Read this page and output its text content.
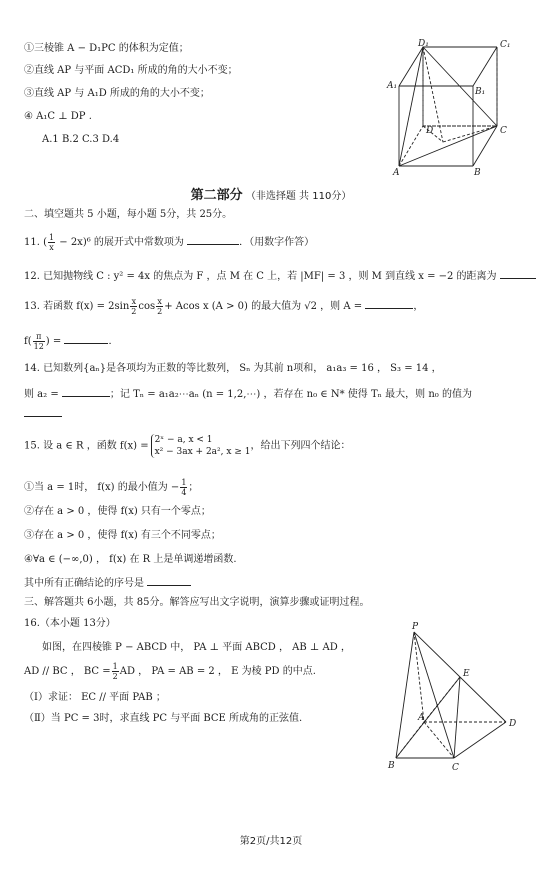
①三棱锥 A − D₁PC 的体积为定值；
②直线 AP 与平面 ACD₁ 所成的角的大小不变；
③直线 AP 与 A₁D 所成的角的大小不变；
④ A₁C ⊥ DP .
A.1 B.2 C.3 D.4
D₁	C₁
A₁
B₁
D	C
A	B
第二部分 （非选择题 共 110分）
二、填空题共 5 小题，每小题 5分，共 25分。
11. ( $\frac{1}{x} - 2x)^6$ 的展开式中常数项为	．（用数字作答）
12. 已知抛物线 C : y² = 4x 的焦点为 F ，点 M 在 C 上，若 |MF| = 3 ，则 M 到直线 x = −2 的距离为
13. 若函数 $f(x) = 2\sin \frac{x}{2}$ $\cos \frac{x}{2} + Acos$ x (A > 0) 的最大值为 √2 ，则 A =	，
$f( \frac{\pi}{12}$ ) =	．
14. 已知数列{aₙ}是各项均为正数的等比数列， Sₙ 为其前 n项和， a₁a₃ = 16 ， S₃ = 14 ，
则 a₂ =	；记 Tₙ = a₁a₂⋯aₙ (n = 1,2,⋯) ，若存在 n₀ ∈ N* 使得 Tₙ 最大，则 n₀ 的值为
15. 设 a ∈ R ，函数 f(x) =
2ˣ − a, x < 1
x² − 3ax + 2a², x ≥ 1
，给出下列四个结论：
①当 a = 1时， f(x) 的最小值为 − $\frac{1}{4}$ ；
②存在 a > 0 ，使得 f(x) 只有一个零点；
③存在 a > 0 ，使得 f(x) 有三个不同零点；
④∀a ∈ (−∞,0) ， f(x) 在 R 上是单调递增函数.
其中所有正确结论的序号是
三、解答题共 6小题，共 85分。解答应写出文字说明，演算步骤或证明过程。
16.（本小题 13分）
如图，在四棱锥 P − ABCD 中， PA ⊥ 平面 ABCD ， AB ⊥ AD ，
AD // BC ， BC = $\frac{1}{2}$ AD ， PA = AB = 2 ， E 为棱 PD 的中点.
（Ⅰ）求证： EC // 平面 PAB ；
（Ⅱ）当 PC = 3时，求直线 PC 与平面 BCE 所成角的正弦值.
P
E
A
D
B	C
第2页/共12页
